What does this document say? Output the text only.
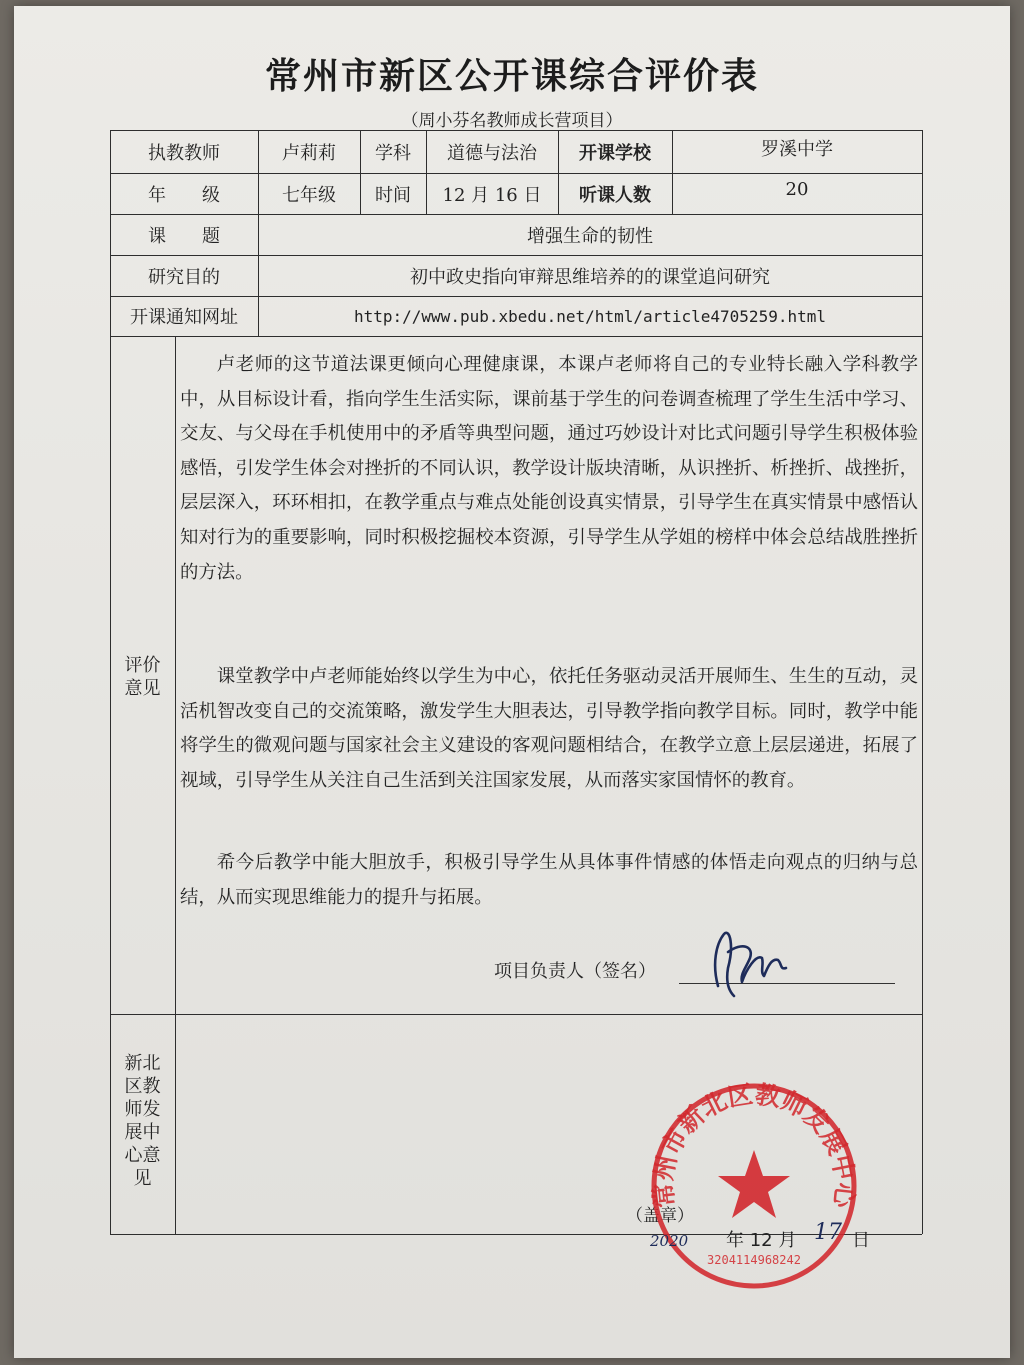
常州市新区公开课综合评价表
（周小芬名教师成长营项目）
执教教师	卢莉莉	学科	道德与法治	开课学校	罗溪中学
年　　级	七年级	时间	12 月 16 日	听课人数	20
课　　题	增强生命的韧性
研究目的	初中政史指向审辩思维培养的的课堂追问研究
开课通知网址	http://www.pub.xbedu.net/html/article4705259.html
评价
意见

卢老师的这节道法课更倾向心理健康课，本课卢老师将自己的专业特长融入学科教学中，从目标设计看，指向学生生活实际，课前基于学生的问卷调查梳理了学生生活中学习、交友、与父母在手机使用中的矛盾等典型问题，通过巧妙设计对比式问题引导学生积极体验感悟，引发学生体会对挫折的不同认识，教学设计版块清晰，从识挫折、析挫折、战挫折，层层深入，环环相扣，在教学重点与难点处能创设真实情景，引导学生在真实情景中感悟认知对行为的重要影响，同时积极挖掘校本资源，引导学生从学姐的榜样中体会总结战胜挫折的方法。

课堂教学中卢老师能始终以学生为中心，依托任务驱动灵活开展师生、生生的互动，灵活机智改变自己的交流策略，激发学生大胆表达，引导教学指向教学目标。同时，教学中能将学生的微观问题与国家社会主义建设的客观问题相结合，在教学立意上层层递进，拓展了视域，引导学生从关注自己生活到关注国家发展，从而落实家国情怀的教育。

希今后教学中能大胆放手，积极引导学生从具体事件情感的体悟走向观点的归纳与总结，从而实现思维能力的提升与拓展。

项目负责人（签名）
新北
区教
师发
展中
心意
见
（盖章）
年 12 月	日
常州市新北区教师发展中心
3204114968242
2020	17
